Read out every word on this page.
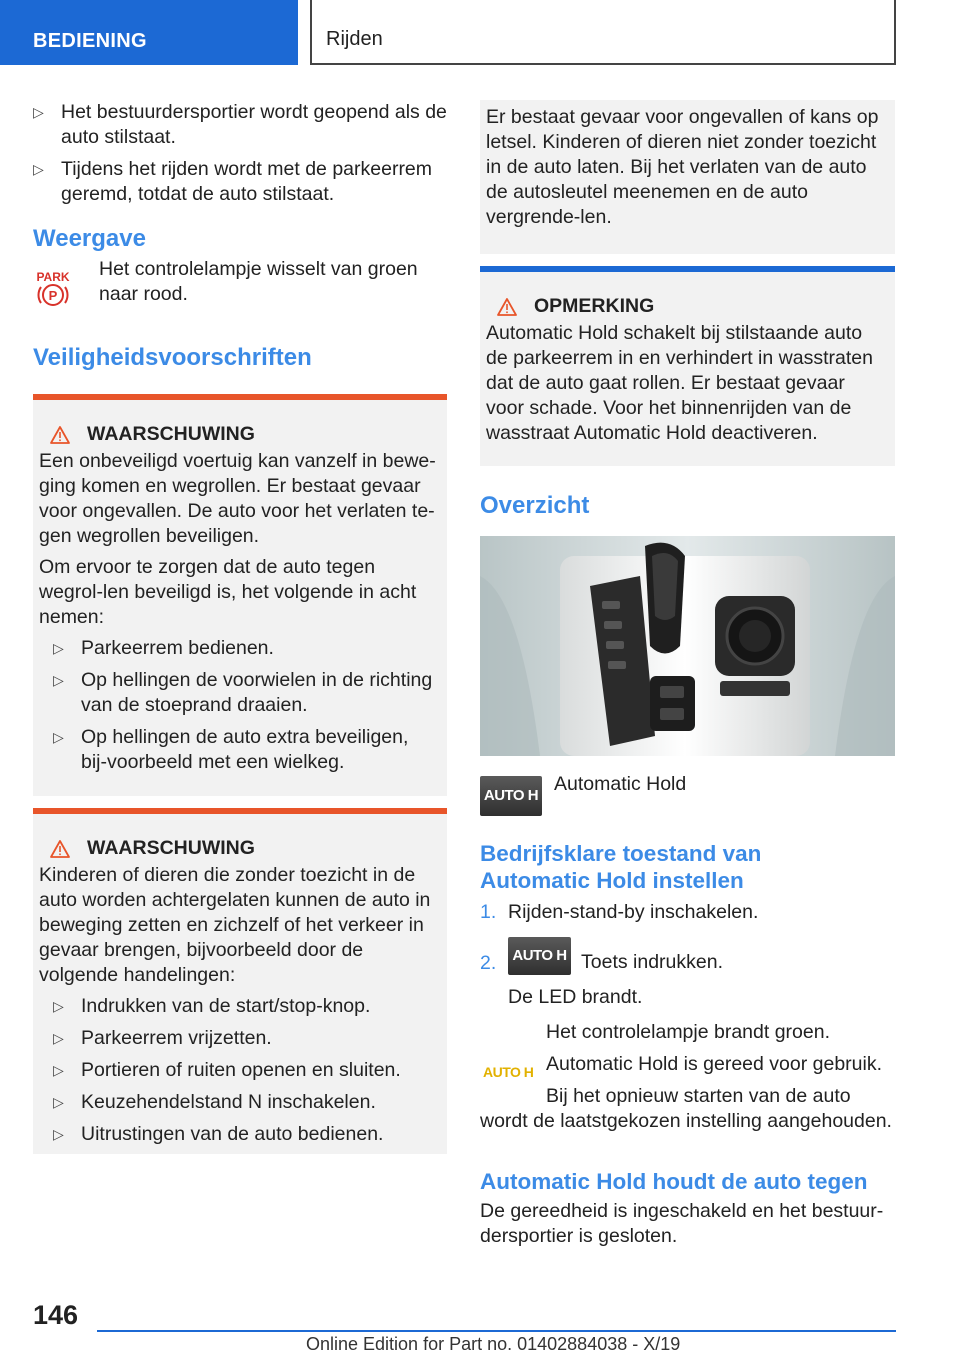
BEDIENING	Rijden
▷ Het bestuurdersportier wordt geopend als de auto stilstaat.
▷ Tijdens het rijden wordt met de parkeerrem geremd, totdat de auto stilstaat.
Weergave
PARK
P

Het controlelampje wisselt van groen naar rood.

Veiligheidsvoorschriften
WAARSCHUWING

Een onbeveiligd voertuig kan vanzelf in bewe-ging komen en wegrollen. Er bestaat gevaar voor ongevallen. De auto voor het verlaten te-gen wegrollen beveiligen.

Om ervoor te zorgen dat de auto tegen wegrol-len beveiligd is, het volgende in acht nemen:

▷ Parkeerrem bedienen.
▷ Op hellingen de voorwielen in de richting van de stoeprand draaien.
▷ Op hellingen de auto extra beveiligen, bij-voorbeeld met een wielkeg.
WAARSCHUWING

Kinderen of dieren die zonder toezicht in de auto worden achtergelaten kunnen de auto in beweging zetten en zichzelf of het verkeer in gevaar brengen, bijvoorbeeld door de volgende handelingen:

▷ Indrukken van de start/stop-knop.
▷ Parkeerrem vrijzetten.
▷ Portieren of ruiten openen en sluiten.
▷ Keuzehendelstand N inschakelen.
▷ Uitrustingen van de auto bedienen.

Er bestaat gevaar voor ongevallen of kans op letsel. Kinderen of dieren niet zonder toezicht in de auto laten. Bij het verlaten van de auto de autosleutel meenemen en de auto vergrende-len.

OPMERKING

Automatic Hold schakelt bij stilstaande auto de parkeerrem in en verhindert in wasstraten dat de auto gaat rollen. Er bestaat gevaar voor schade. Voor het binnenrijden van de wasstraat Automatic Hold deactiveren.

Overzicht
AUTO H

Automatic Hold

Bedrijfsklare toestand van Automatic Hold instellen
1. Rijden-stand-by inschakelen.
2. AUTO H Toets indrukken.

De LED brandt.

AUTO H

Het controlelampje brandt groen.

Automatic Hold is gereed voor gebruik.

Bij het opnieuw starten van de auto

wordt de laatstgekozen instelling aangehouden.

Automatic Hold houdt de auto tegen

De gereedheid is ingeschakeld en het bestuur-dersportier is gesloten.

146
Online Edition for Part no. 01402884038 - X/19
